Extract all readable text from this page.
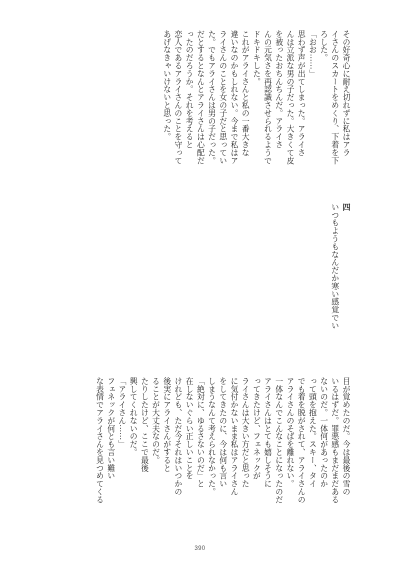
その好奇心に耐え切れずに私はアラ

イさんのスカートをめくり、下着を下

ろした。

「おお……」

思わず声が出てしまった。アライさ

んは立派な男の子だった。大きくて皮

を被ったおちんちんだ。アライさ

んの元気さを再認識させられるようで

ドキドキした。

これがアライさんと私の一番大きな

違いなのかもしれない。今まで私はア

ライさんのことを女の子だと思ってい

た。でもアライさんは男の子だった。

だとするとなんとアライさんは心配だ

ったのだろうか。それを考えると

恋人であるアライさんのことを守って

あげなきゃいけないと思った。

四

いつもようもなんだか寒い感覚でい

目が覚めたのだ。今は最後の雪の

いるはずだ。罪悪感もまだまだある

ないのだ。一体何があったのか

って頭を抱えた。スキー、タイ

でも着を脱がされて、アライさんの

アライさんのそばを離れない。

一体なんでこんなことになったのだ

アライさんはとても嬉しそうに

ってきたけど、フェネックが

ライさんは大きい方だと思った

に気付かないまま私はアライさん

をしてきたのに、今は何も言い

しまうなんて考えられなかった。

「絶対に、ゆるさないのだ」と

在しないぐらい正しいことを

けれども、ただ今それはいつかの

後実にアライさんがすると

ることが大丈夫なのだ。

たりしたけど、ここで最後

興してくれないのだ。

「アライさん……」

フェネックが何とも言い難い

な表情でアライさんを見つめてくる

390
